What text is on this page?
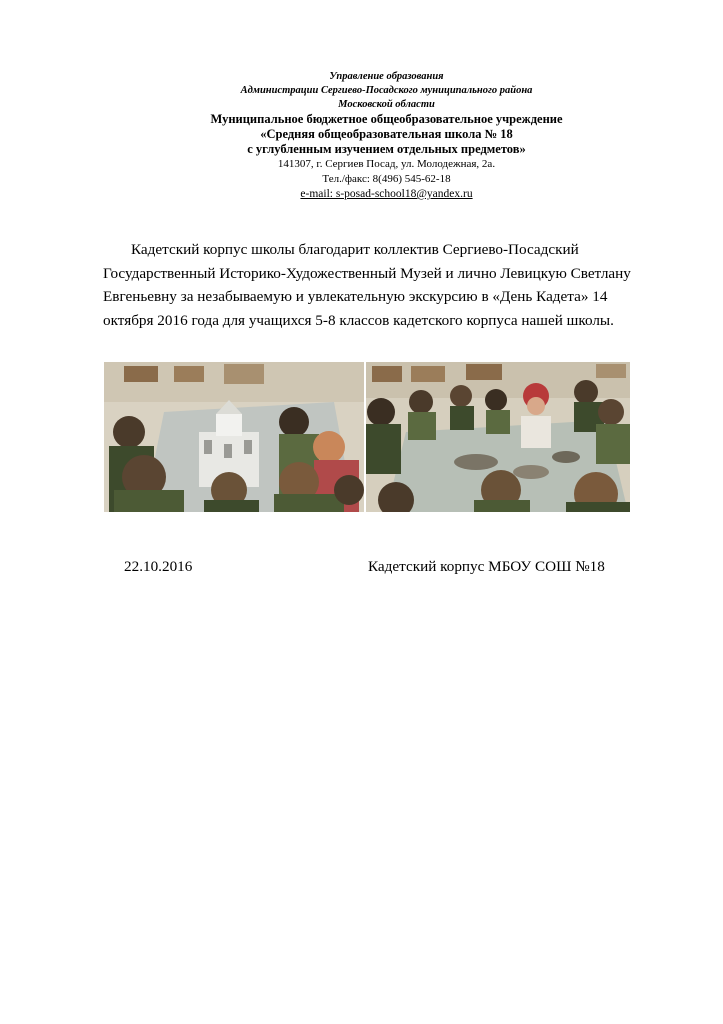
Управление образования
Администрации Сергиево-Посадского муниципального района
Московской области
Муниципальное бюджетное общеобразовательное учреждение
«Средняя общеобразовательная школа № 18
с углубленным изучением отдельных предметов»
141307, г. Сергиев Посад, ул. Молодежная, 2а.
Тел./факс: 8(496) 545-62-18
e-mail: s-posad-school18@yandex.ru
Кадетский корпус школы благодарит коллектив Сергиево-Посадский Государственный Историко-Художественный Музей и лично Левицкую Светлану Евгеньевну за незабываемую и увлекательную экскурсию в «День Кадета» 14 октября 2016 года для учащихся 5-8 классов кадетского корпуса нашей школы.
22.10.2016	Кадетский корпус МБОУ СОШ №18
